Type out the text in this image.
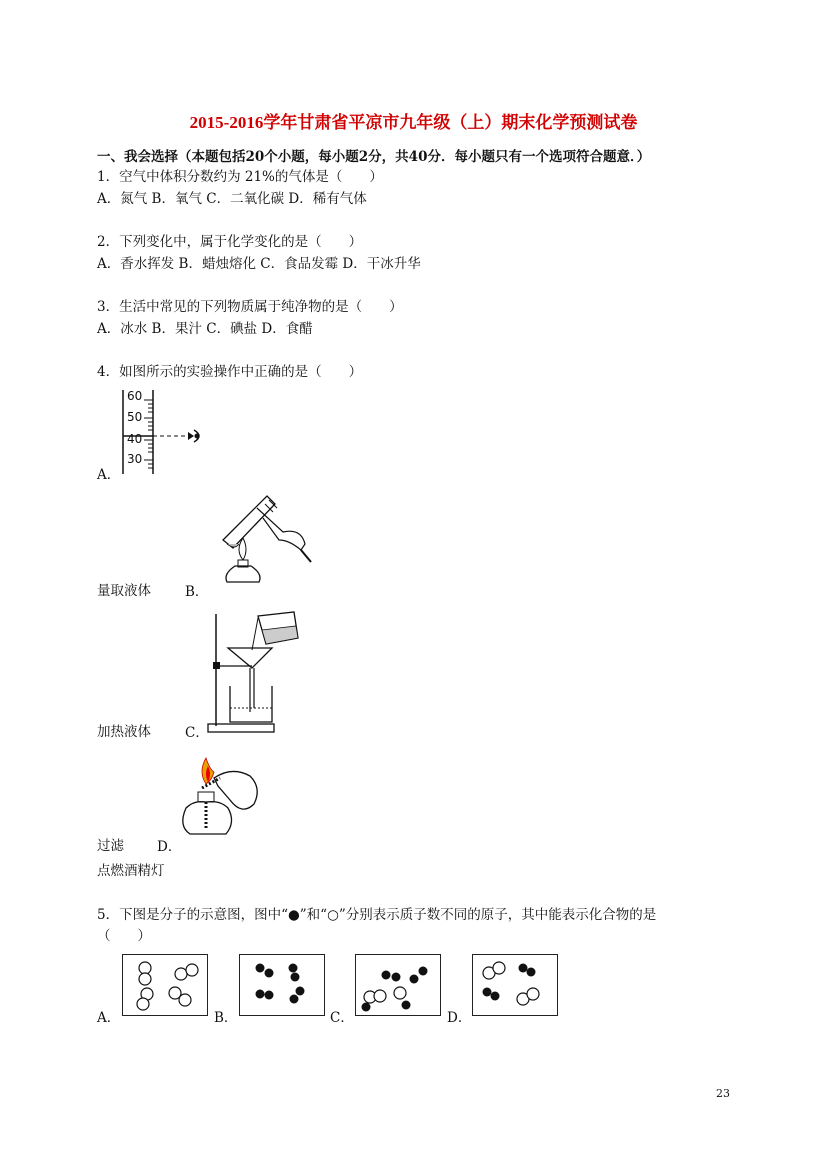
2015-2016学年甘肃省平凉市九年级（上）期末化学预测试卷
一、我会选择（本题包括20个小题，每小题2分，共40分．每小题只有一个选项符合题意．）
1．空气中体积分数约为 21%的气体是（　　）
A．氮气 B．氧气 C．二氧化碳 D．稀有气体
2．下列变化中，属于化学变化的是（　　）
A．香水挥发 B．蜡烛熔化 C．食品发霉 D．干冰升华
3．生活中常见的下列物质属于纯净物的是（　　）
A．冰水 B．果汁 C．碘盐 D．食醋
4．如图所示的实验操作中正确的是（　　）
60
50
40
30
A．
量取液体	B．
加热液体	C．
过滤 D．
点燃酒精灯
5．下图是分子的示意图，图中“●”和“○”分别表示质子数不同的原子，其中能表示化合物的是
（　　）
A．	B．	C．	D．
23
